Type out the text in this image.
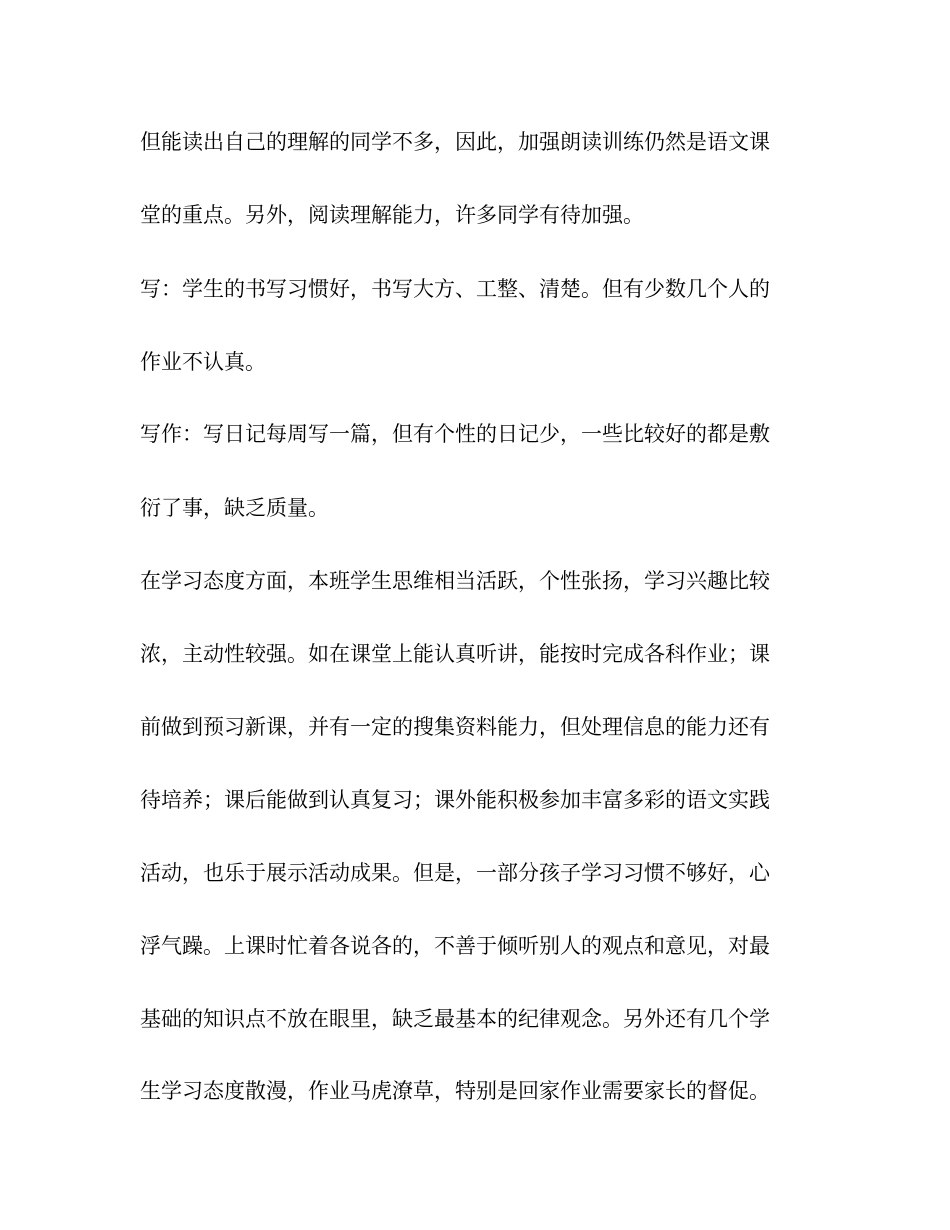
但能读出自己的理解的同学不多，因此，加强朗读训练仍然是语文课
堂的重点。另外，阅读理解能力，许多同学有待加强。
写：学生的书写习惯好，书写大方、工整、清楚。但有少数几个人的
作业不认真。
写作：写日记每周写一篇，但有个性的日记少，一些比较好的都是敷
衍了事，缺乏质量。
在学习态度方面，本班学生思维相当活跃，个性张扬，学习兴趣比较
浓，主动性较强。如在课堂上能认真听讲，能按时完成各科作业；课
前做到预习新课，并有一定的搜集资料能力，但处理信息的能力还有
待培养；课后能做到认真复习；课外能积极参加丰富多彩的语文实践
活动，也乐于展示活动成果。但是，一部分孩子学习习惯不够好，心
浮气躁。上课时忙着各说各的，不善于倾听别人的观点和意见，对最
基础的知识点不放在眼里，缺乏最基本的纪律观念。另外还有几个学
生学习态度散漫，作业马虎潦草，特别是回家作业需要家长的督促。
